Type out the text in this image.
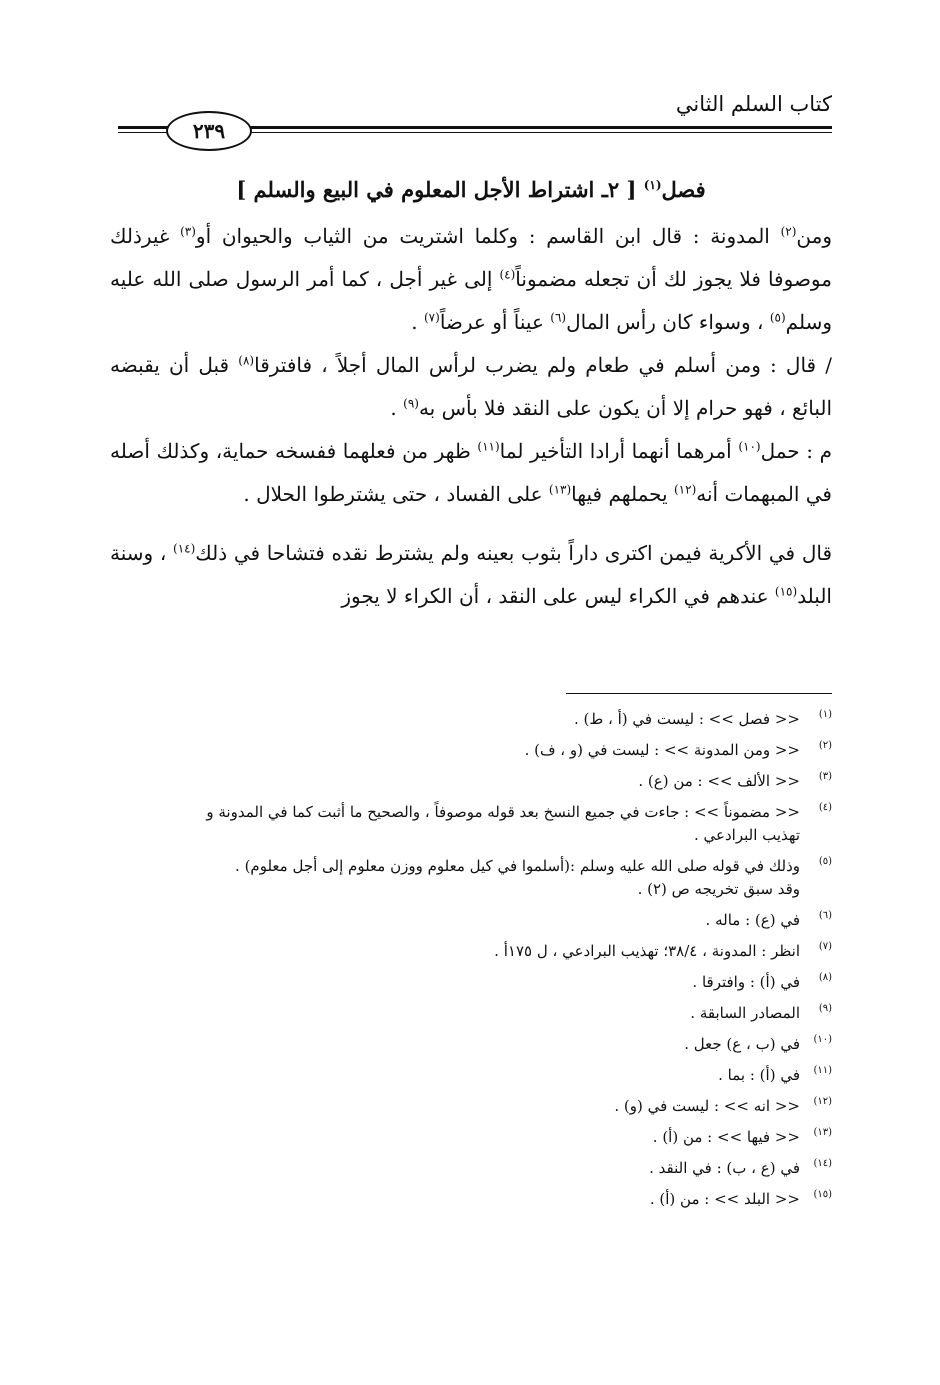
كتاب السلم الثاني
٢٣٩

فصل$^{(١)}$ [ ٢ـ اشتراط الأجل المعلوم في البيع والسلم ]

ومن$^{(٢)}$ المدونة : قال ابن القاسم : وكلما اشتريت من الثياب والحيوان أو$^{(٣)}$ غيرذلك موصوفا فلا يجوز لك أن تجعله مضموناً$^{(٤)}$ إلى غير أجل ، كما أمر الرسول صلى الله عليه وسلم$^{(٥)}$ ، وسواء كان رأس المال$^{(٦)}$ عيناً أو عرضاً$^{(٧)}$ .

/ قال : ومن أسلم في طعام ولم يضرب لرأس المال أجلاً ، فافترقا$^{(٨)}$ قبل أن يقبضه البائع ، فهو حرام إلا أن يكون على النقد فلا بأس به$^{(٩)}$ .

م : حمل$^{(١٠)}$ أمرهما أنهما أرادا التأخير لما$^{(١١)}$ ظهر من فعلهما ففسخه حماية، وكذلك أصله في المبهمات أنه$^{(١٢)}$ يحملهم فيها$^{(١٣)}$ على الفساد ، حتى يشترطوا الحلال .

قال في الأكرية فيمن اكترى داراً بثوب بعينه ولم يشترط نقده فتشاحا في ذلك$^{(١٤)}$ ، وسنة البلد$^{(١٥)}$ عندهم في الكراء ليس على النقد ، أن الكراء لا يجوز

(١)
<< فصل >> : ليست في (أ ، ط) .
(٢)
<< ومن المدونة >> : ليست في (و ، ف) .
(٣)
<< الألف >> : من (ع) .
(٤)
<< مضموناً >> : جاءت في جميع النسخ بعد قوله موصوفاً ، والصحيح ما أثبت كما في المدونة و
تهذيب البرادعي .
(٥)
وذلك في قوله صلى الله عليه وسلم :(أسلموا في كيل معلوم ووزن معلوم إلى أجل معلوم) .
وقد سبق تخريجه ص (٢) .
(٦)
في (ع) : ماله .
(٧)
انظر : المدونة ، ٣٨/٤؛ تهذيب البرادعي ، ل ١٧٥أ .
(٨)
في (أ) : وافترقا .
(٩)
المصادر السابقة .
(١٠)
في (ب ، ع) جعل .
(١١)
في (أ) : بما .
(١٢)
<< انه >> : ليست في (و) .
(١٣)
<< فيها >> : من (أ) .
(١٤)
في (ع ، ب) : في النقد .
(١٥)
<< البلد >> : من (أ) .
